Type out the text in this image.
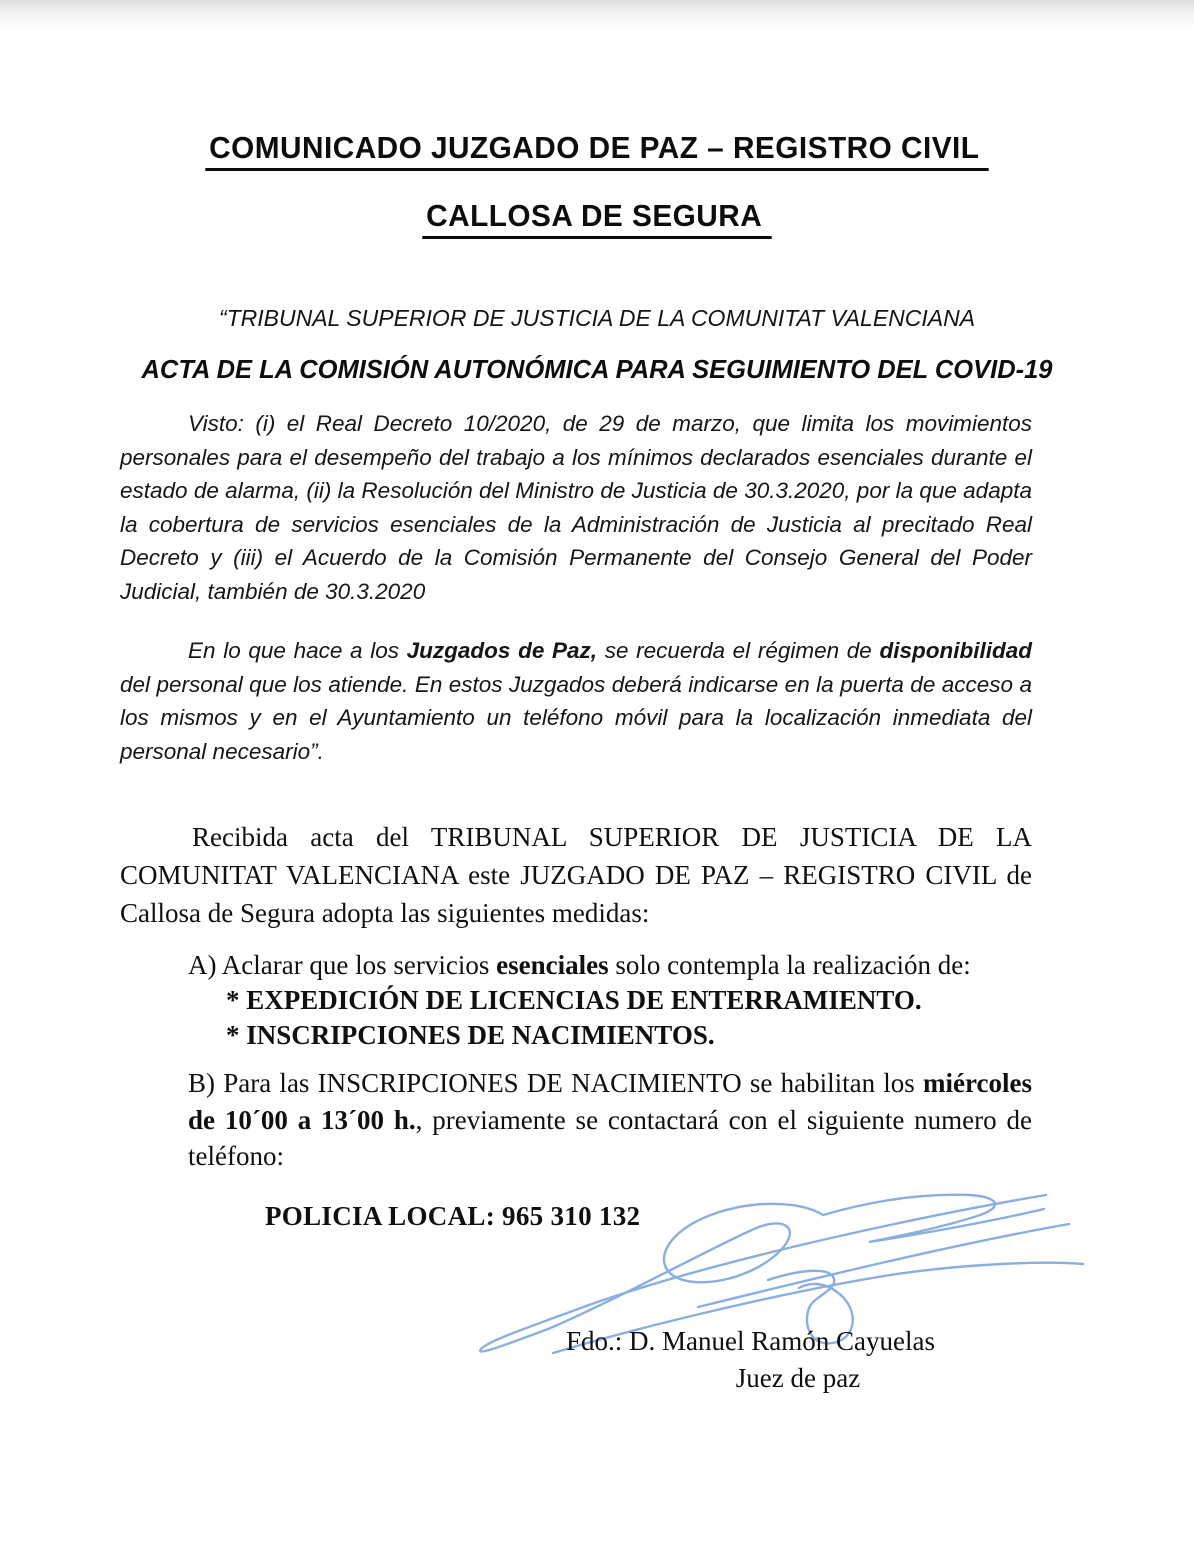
COMUNICADO JUZGADO DE PAZ – REGISTRO CIVIL
CALLOSA DE SEGURA
“TRIBUNAL SUPERIOR DE JUSTICIA DE LA COMUNITAT VALENCIANA
ACTA DE LA COMISIÓN AUTONÓMICA PARA SEGUIMIENTO DEL COVID-19

Visto: (i) el Real Decreto 10/2020, de 29 de marzo, que limita los movimientos personales para el desempeño del trabajo a los mínimos declarados esenciales durante el estado de alarma, (ii) la Resolución del Ministro de Justicia de 30.3.2020, por la que adapta la cobertura de servicios esenciales de la Administración de Justicia al precitado Real Decreto y (iii) el Acuerdo de la Comisión Permanente del Consejo General del Poder Judicial, también de 30.3.2020

En lo que hace a los Juzgados de Paz, se recuerda el régimen de disponibilidad del personal que los atiende. En estos Juzgados deberá indicarse en la puerta de acceso a los mismos y en el Ayuntamiento un teléfono móvil para la localización inmediata del personal necesario”.

Recibida acta del TRIBUNAL SUPERIOR DE JUSTICIA DE LA COMUNITAT VALENCIANA este JUZGADO DE PAZ – REGISTRO CIVIL de Callosa de Segura adopta las siguientes medidas:

A) Aclarar que los servicios esenciales solo contempla la realización de:
* EXPEDICIÓN DE LICENCIAS DE ENTERRAMIENTO.
* INSCRIPCIONES DE NACIMIENTOS.
B) Para las INSCRIPCIONES DE NACIMIENTO se habilitan los miércoles de 10´00 a 13´00 h., previamente se contactará con el siguiente numero de teléfono:
POLICIA LOCAL: 965 310 132
Fdo.: D. Manuel Ramón Cayuelas
Juez de paz
